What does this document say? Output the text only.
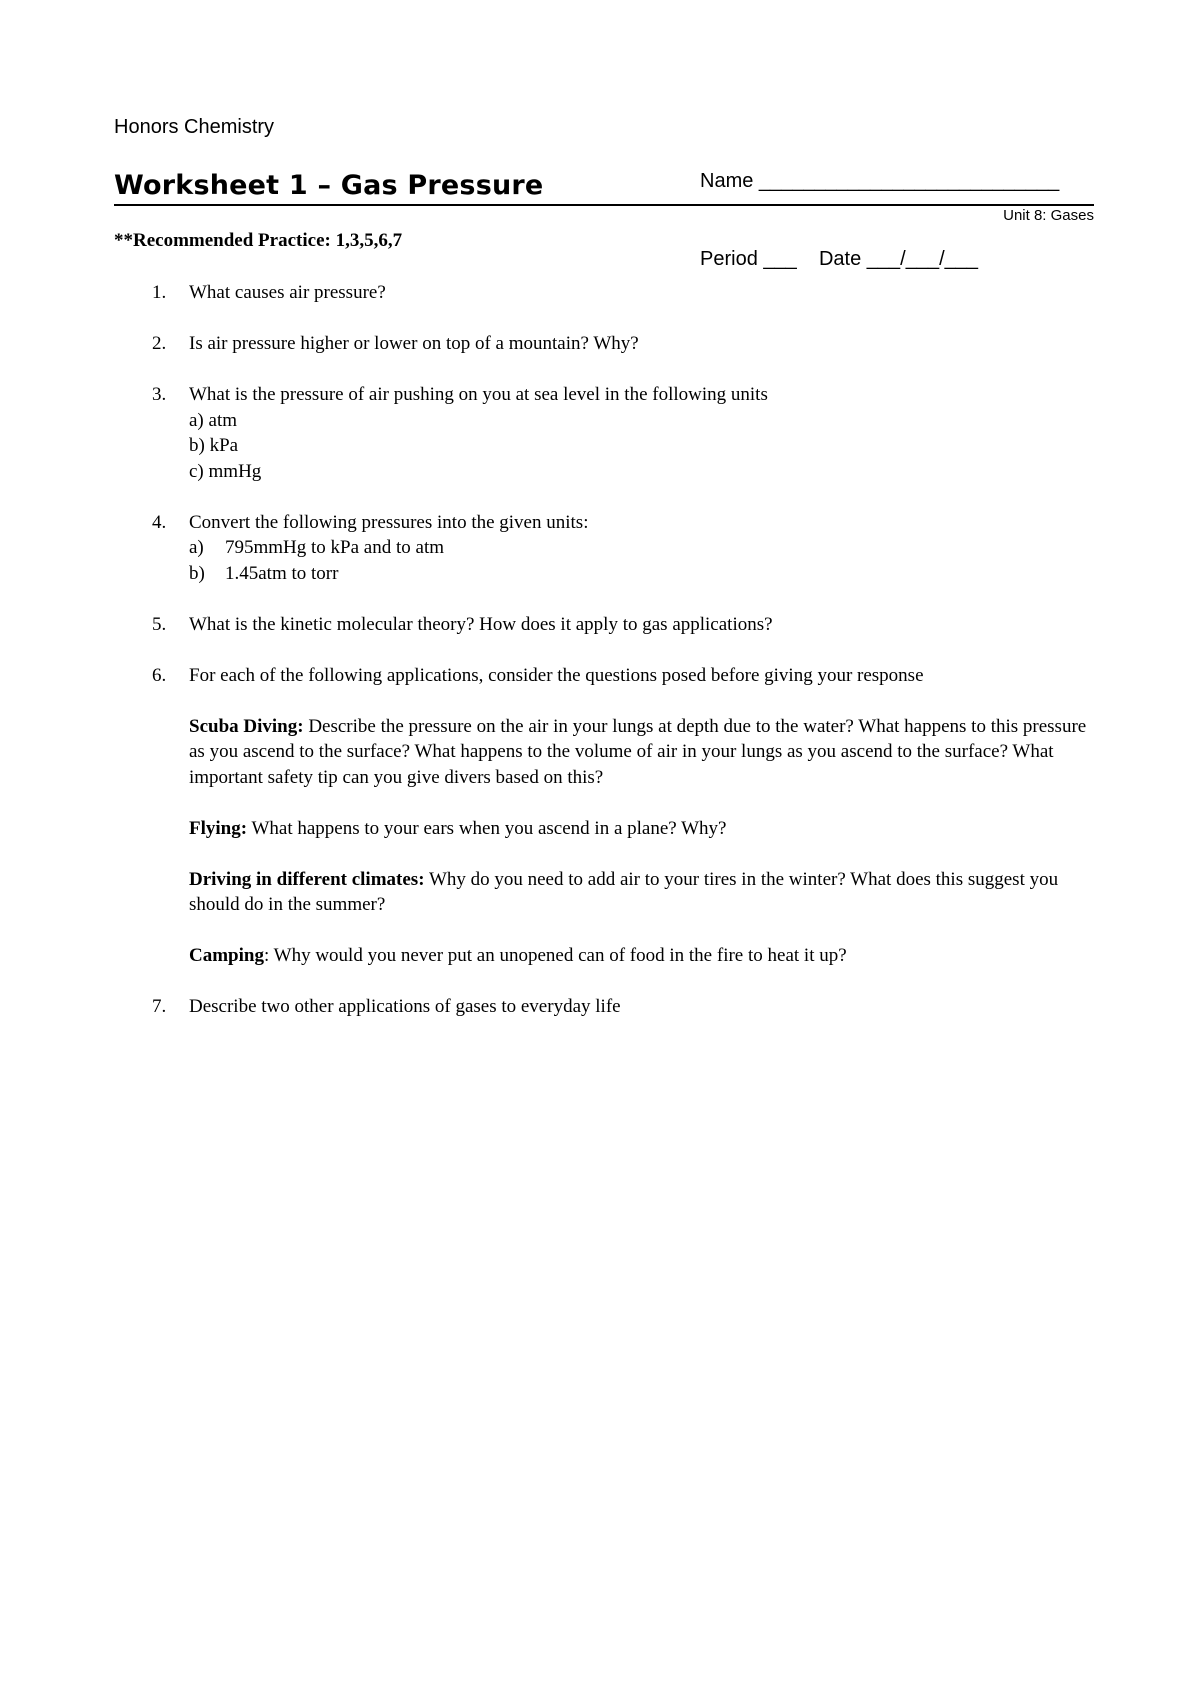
Honors Chemistry

Name ___________________________

Period ___    Date ___/___/___

Worksheet 1 – Gas Pressure
Unit 8: Gases
**Recommended Practice: 1,3,5,6,7
1. What causes air pressure?
2. Is air pressure higher or lower on top of a mountain? Why?
3. What is the pressure of air pushing on you at sea level in the following units
a) atm
b) kPa
c) mmHg
4. Convert the following pressures into the given units:
a)	795mmHg to kPa and to atm
b)	1.45atm to torr
5. What is the kinetic molecular theory? How does it apply to gas applications?
6. For each of the following applications, consider the questions posed before giving your response
Scuba Diving: Describe the pressure on the air in your lungs at depth due to the water? What happens to this pressure as you ascend to the surface? What happens to the volume of air in your lungs as you ascend to the surface? What important safety tip can you give divers based on this?
Flying: What happens to your ears when you ascend in a plane? Why?
Driving in different climates: Why do you need to add air to your tires in the winter? What does this suggest you should do in the summer?
Camping: Why would you never put an unopened can of food in the fire to heat it up?
7. Describe two other applications of gases to everyday life
